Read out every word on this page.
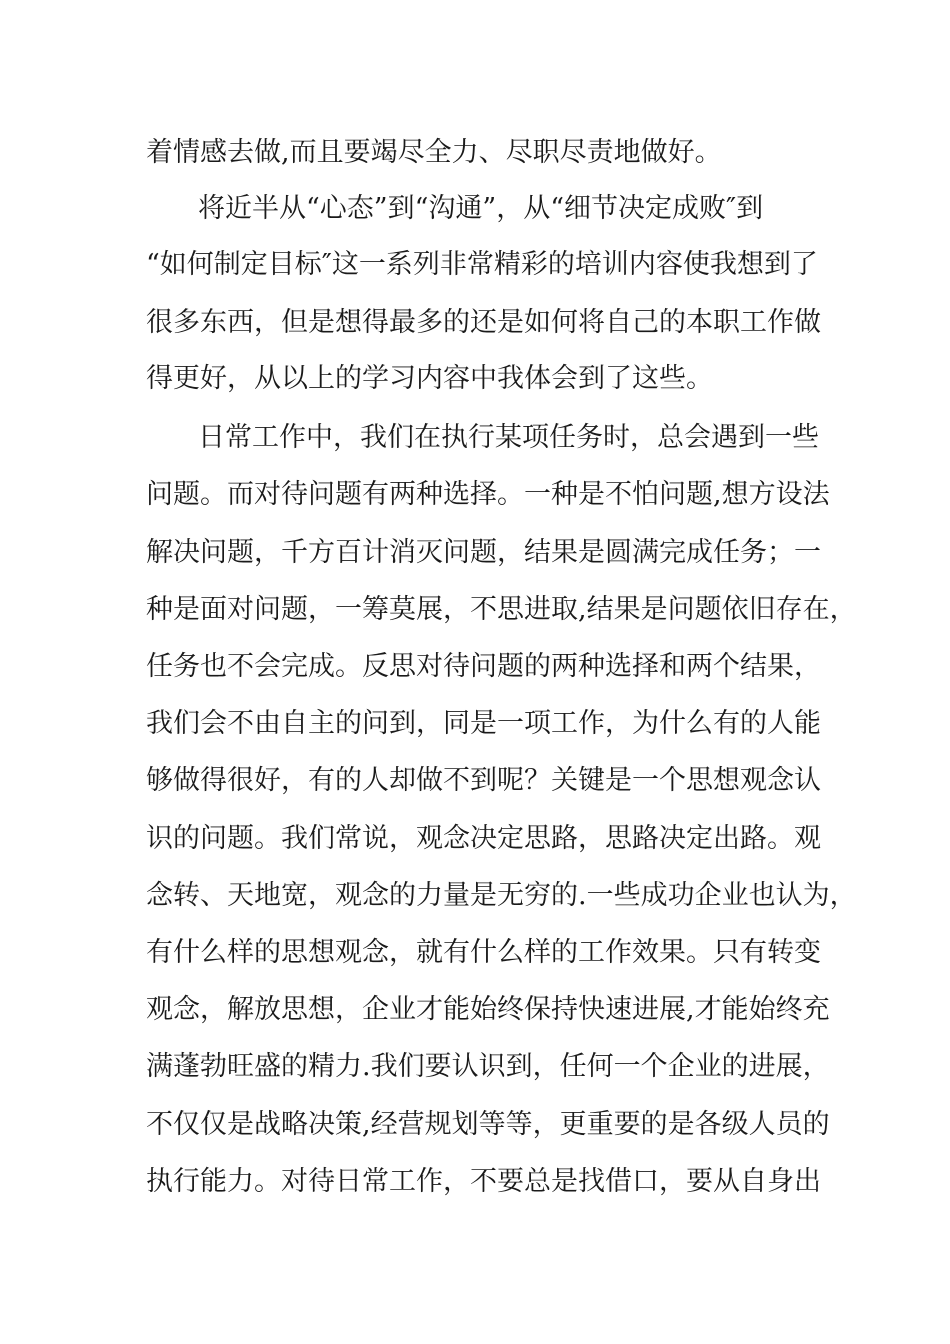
着情感去做,而且要竭尽全力、尽职尽责地做好。
将近半从“心态”到“沟通”，从“细节决定成败″到
“如何制定目标″这一系列非常精彩的培训内容使我想到了
很多东西，但是想得最多的还是如何将自己的本职工作做
得更好，从以上的学习内容中我体会到了这些。
日常工作中，我们在执行某项任务时，总会遇到一些
问题。而对待问题有两种选择。一种是不怕问题,想方设法
解决问题，千方百计消灭问题，结果是圆满完成任务；一
种是面对问题，一筹莫展，不思进取,结果是问题依旧存在，
任务也不会完成。反思对待问题的两种选择和两个结果，
我们会不由自主的问到，同是一项工作，为什么有的人能
够做得很好，有的人却做不到呢？关键是一个思想观念认
识的问题。我们常说，观念决定思路，思路决定出路。观
念转、天地宽，观念的力量是无穷的.一些成功企业也认为，
有什么样的思想观念，就有什么样的工作效果。只有转变
观念，解放思想，企业才能始终保持快速进展,才能始终充
满蓬勃旺盛的精力.我们要认识到，任何一个企业的进展，
不仅仅是战略决策,经营规划等等，更重要的是各级人员的
执行能力。对待日常工作，不要总是找借口，要从自身出
